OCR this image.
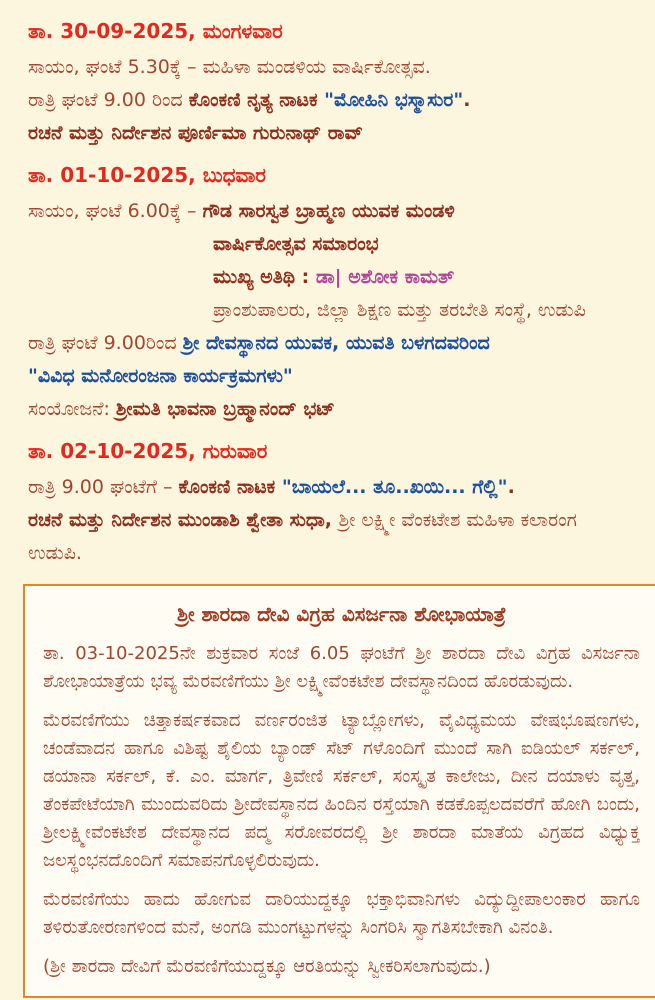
ತಾ. 30-09-2025, ಮಂಗಳವಾರ
ಸಾಯಂ, ಘಂಟೆ 5.30ಕ್ಕೆ – ಮಹಿಳಾ ಮಂಡಳಿಯ ವಾರ್ಷಿಕೋತ್ಸವ.
ರಾತ್ರಿ ಘಂಟೆ 9.00 ರಿಂದ ಕೊಂಕಣಿ ನೃತ್ಯ ನಾಟಕ "ಮೋಹಿನಿ ಭಸ್ಮಾಸುರ".
ರಚನೆ ಮತ್ತು ನಿರ್ದೇಶನ ಪೂರ್ಣಿಮಾ ಗುರುನಾಥ್ ರಾವ್
ತಾ. 01-10-2025, ಬುಧವಾರ
ಸಾಯಂ, ಘಂಟೆ 6.00ಕ್ಕೆ – ಗೌಡ ಸಾರಸ್ವತ ಬ್ರಾಹ್ಮಣ ಯುವಕ ಮಂಡಳಿ
ವಾರ್ಷಿಕೋತ್ಸವ ಸಮಾರಂಭ
ಮುಖ್ಯ ಅತಿಥಿ : ಡಾ| ಅಶೋಕ ಕಾಮತ್
ಪ್ರಾಂಶುಪಾಲರು, ಜಿಲ್ಲಾ ಶಿಕ್ಷಣ ಮತ್ತು ತರಬೇತಿ ಸಂಸ್ಥೆ, ಉಡುಪಿ
ರಾತ್ರಿ ಘಂಟೆ 9.00ರಿಂದ ಶ್ರೀ ದೇವಸ್ಥಾನದ ಯುವಕ, ಯುವತಿ ಬಳಗದವರಿಂದ
"ವಿವಿಧ ಮನೋರಂಜನಾ ಕಾರ್ಯಕ್ರಮಗಳು"
ಸಂಯೋಜನೆ: ಶ್ರೀಮತಿ ಭಾವನಾ ಬ್ರಹ್ಮಾನಂದ್ ಭಟ್
ತಾ. 02-10-2025, ಗುರುವಾರ
ರಾತ್ರಿ 9.00 ಘಂಟೆಗೆ – ಕೊಂಕಣಿ ನಾಟಕ "ಬಾಯಲೆ... ತೂ..ಖಯಿ... ಗೆಲ್ಲಿ".
ರಚನೆ ಮತ್ತು ನಿರ್ದೇಶನ ಮುಂಡಾಶಿ ಶ್ವೇತಾ ಸುಧಾ, ಶ್ರೀ ಲಕ್ಷ್ಮೀ ವೆಂಕಟೇಶ ಮಹಿಳಾ ಕಲಾರಂಗ ಉಡುಪಿ.
ಶ್ರೀ ಶಾರದಾ ದೇವಿ ವಿಗ್ರಹ ವಿಸರ್ಜನಾ ಶೋಭಾಯಾತ್ರೆ

ತಾ. 03-10-2025ನೇ ಶುಕ್ರವಾರ ಸಂಜೆ 6.05 ಘಂಟೆಗೆ ಶ್ರೀ ಶಾರದಾ ದೇವಿ ವಿಗ್ರಹ ವಿಸರ್ಜನಾ ಶೋಭಾಯಾತ್ರೆಯ ಭವ್ಯ ಮೆರವಣಿಗೆಯು ಶ್ರೀ ಲಕ್ಷ್ಮೀವೆಂಕಟೇಶ ದೇವಸ್ಥಾನದಿಂದ ಹೊರಡುವುದು.

ಮೆರವಣಿಗೆಯು ಚಿತ್ತಾಕರ್ಷಕವಾದ ವರ್ಣರಂಜಿತ ಟ್ಯಾಬ್ಲೋಗಳು, ವೈವಿಧ್ಯಮಯ ವೇಷಭೂಷಣಗಳು, ಚಂಡೆವಾದನ ಹಾಗೂ ವಿಶಿಷ್ಟ ಶೈಲಿಯ ಬ್ಯಾಂಡ್ ಸೆಟ್ ಗಳೊಂದಿಗೆ ಮುಂದೆ ಸಾಗಿ ಐಡಿಯಲ್ ಸರ್ಕಲ್, ಡಯಾನಾ ಸರ್ಕಲ್, ಕೆ. ಎಂ. ಮಾರ್ಗ, ತ್ರಿವೇಣಿ ಸರ್ಕಲ್, ಸಂಸ್ಕೃತ ಕಾಲೇಜು, ದೀನ ದಯಾಳು ವೃತ್ತ, ತೆಂಕಪೇಟೆಯಾಗಿ ಮುಂದುವರಿದು ಶ್ರೀದೇವಸ್ಥಾನದ ಹಿಂದಿನ ರಸ್ತೆಯಾಗಿ ಕಡಕೊಪ್ಪಲದವರೆಗೆ ಹೋಗಿ ಬಂದು, ಶ್ರೀಲಕ್ಷ್ಮೀವೆಂಕಟೇಶ ದೇವಸ್ಥಾನದ ಪದ್ಮ ಸರೋವರದಲ್ಲಿ ಶ್ರೀ ಶಾರದಾ ಮಾತೆಯ ವಿಗ್ರಹದ ವಿಧ್ಯುಕ್ತ ಜಲಸ್ಥಂಭನದೊಂದಿಗೆ ಸಮಾಪನಗೊಳ್ಳಲಿರುವುದು.

ಮೆರವಣಿಗೆಯು ಹಾದು ಹೋಗುವ ದಾರಿಯುದ್ದಕ್ಕೂ ಭಕ್ತಾಭಿವಾನಿಗಳು ವಿದ್ಯುದ್ದೀಪಾಲಂಕಾರ ಹಾಗೂ ತಳಿರುತೋರಣಗಳಿಂದ ಮನೆ, ಅಂಗಡಿ ಮುಂಗಟ್ಟುಗಳನ್ನು ಸಿಂಗರಿಸಿ ಸ್ವಾಗತಿಸಬೇಕಾಗಿ ವಿನಂತಿ.

(ಶ್ರೀ ಶಾರದಾ ದೇವಿಗೆ ಮೆರವಣಿಗೆಯುದ್ದಕ್ಕೂ ಆರತಿಯನ್ನು ಸ್ವೀಕರಿಸಲಾಗುವುದು.)
